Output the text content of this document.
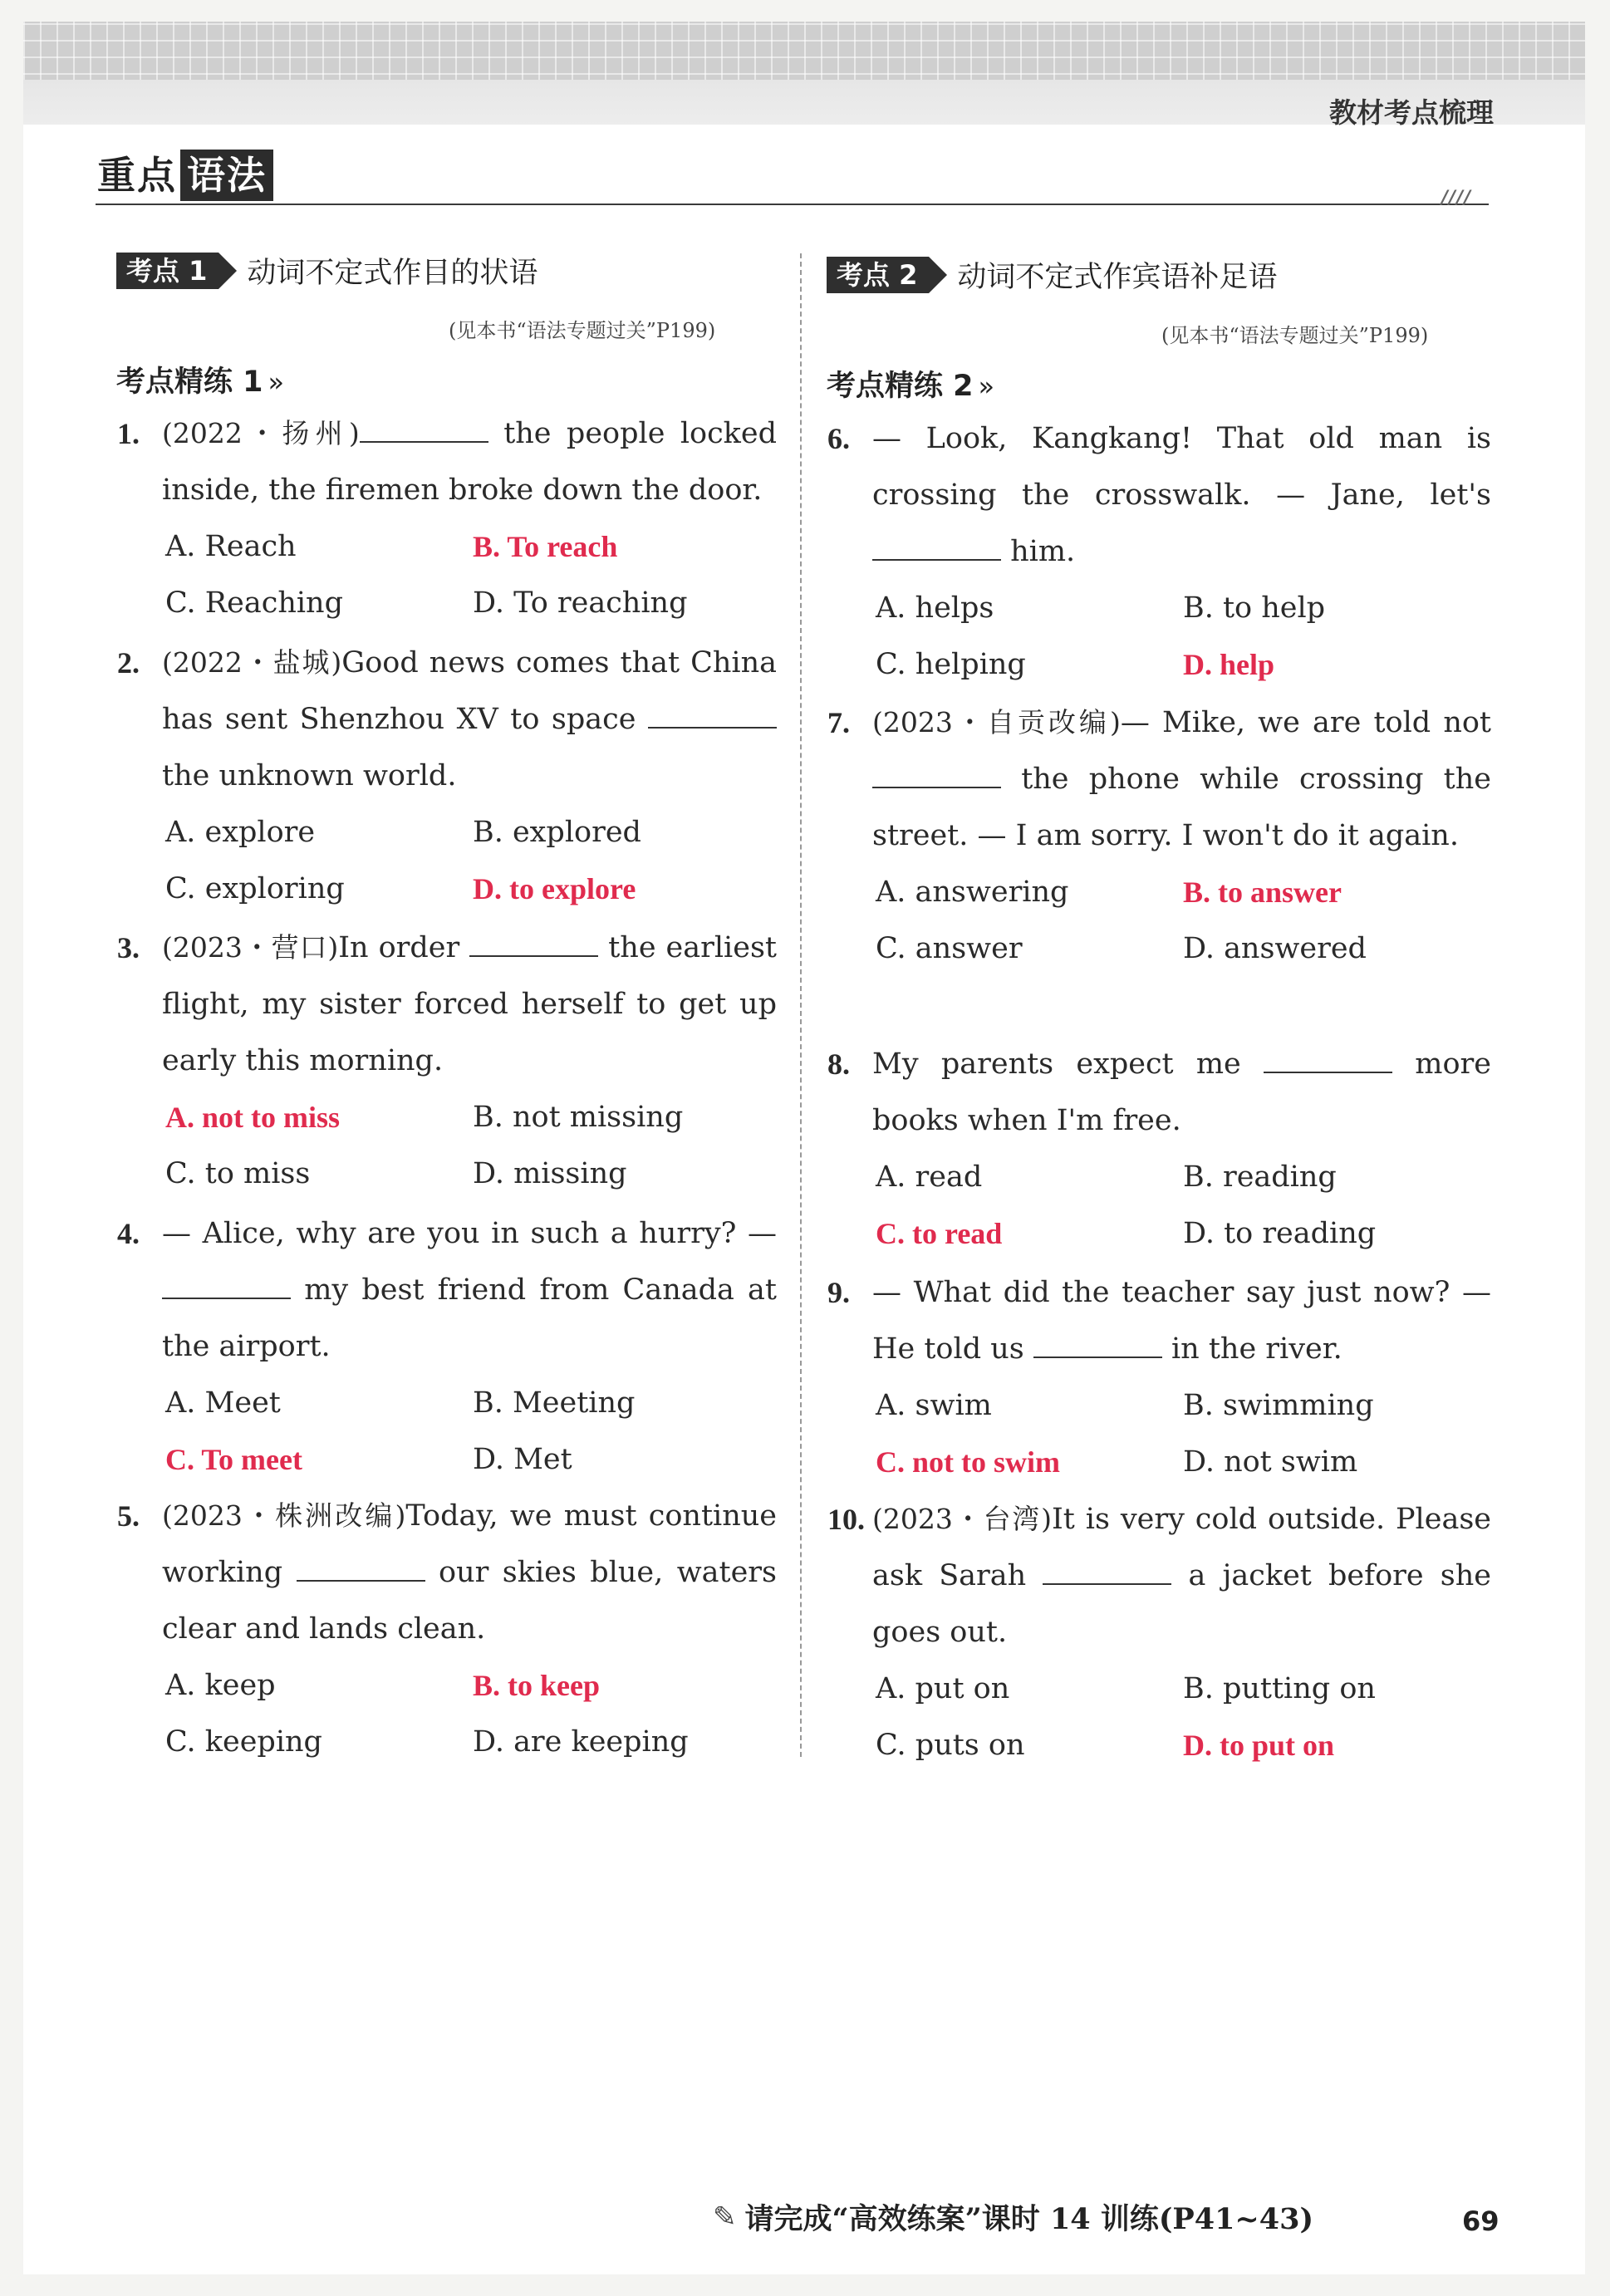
教材考点梳理
重点 语法
////
考点 1	动词不定式作目的状语
(见本书“语法专题过关”P199)
考点精练 1 »
1. (2022・扬州)	the people locked inside, the firemen broke down the door.
A. Reach	B. To reach
C. Reaching	D. To reaching
2. (2022・盐城)Good news comes that China has sent Shenzhou XV to space  the unknown world.
A. explore	B. explored
C. exploring	D. to explore
3. (2023・营口)In order	the earliest flight, my sister forced herself to get up early this morning.
A. not to miss	B. not missing
C. to miss	D. missing
4. — Alice, why are you in such a hurry? —  my best friend from Canada at the airport.
A. Meet	B. Meeting
C. To meet	D. Met
5. (2023・株洲改编)Today, we must continue working	our skies blue, waters clear and lands clean.
A. keep	B. to keep
C. keeping	D. are keeping
考点 2	动词不定式作宾语补足语
(见本书“语法专题过关”P199)
考点精练 2 »
6. — Look, Kangkang! That old man is crossing the crosswalk. — Jane, let's  him.
A. helps	B. to help
C. helping	D. help
7. (2023・自贡改编)— Mike, we are told not  the phone while crossing the street. — I am sorry. I won't do it again.
A. answering	B. to answer
C. answer	D. answered
8. My parents expect me	more books when I'm free.
A. read	B. reading
C. to read	D. to reading
9. — What did the teacher say just now? — He told us	in the river.
A. swim	B. swimming
C. not to swim	D. not swim
10. (2023・台湾)It is very cold outside. Please ask Sarah	a jacket before she goes out.
A. put on	B. putting on
C. puts on	D. to put on
✎ 请完成“高效练案”课时 14 训练(P41~43)	69
